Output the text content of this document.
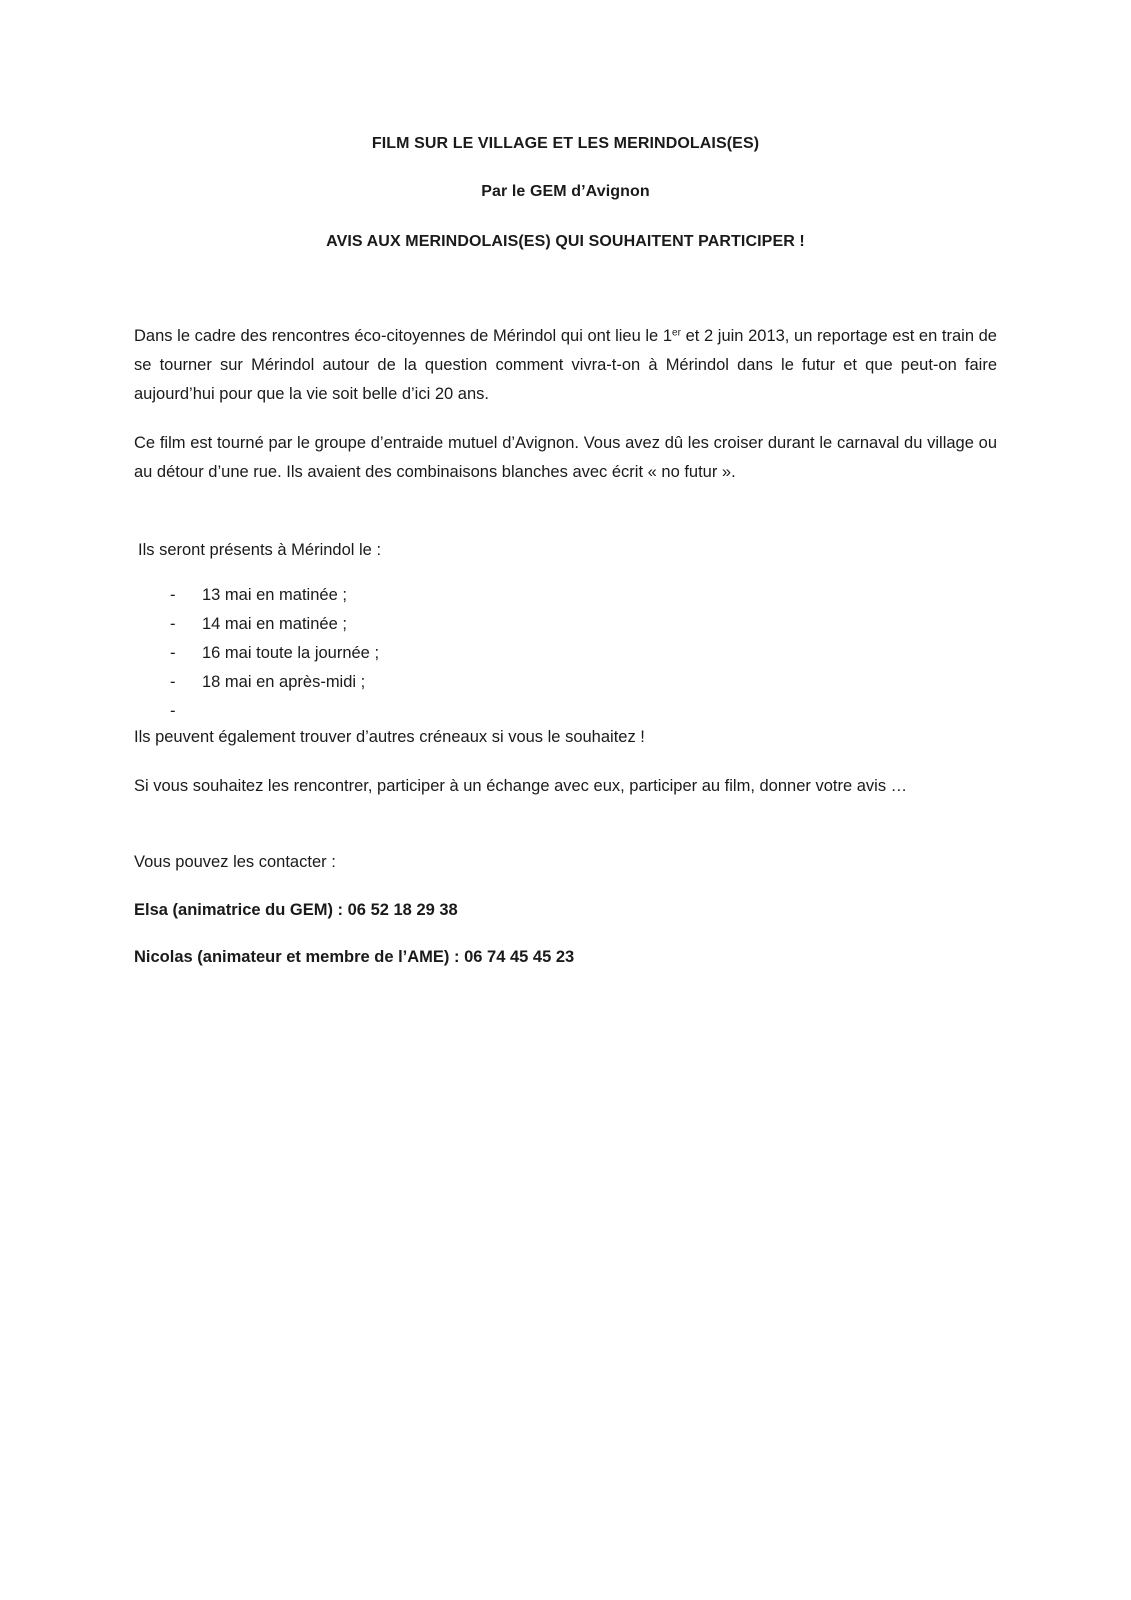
FILM SUR LE VILLAGE ET LES MERINDOLAIS(ES)
Par le GEM d’Avignon
AVIS AUX MERINDOLAIS(ES) QUI SOUHAITENT PARTICIPER !

Dans le cadre des rencontres éco-citoyennes de Mérindol qui ont lieu le 1er et 2 juin 2013, un reportage est en train de se tourner sur Mérindol autour de la question comment vivra-t-on à Mérindol dans le futur et que peut-on faire aujourd’hui pour que la vie soit belle d’ici 20 ans.

Ce film est tourné par le groupe d’entraide mutuel d’Avignon. Vous avez dû les croiser durant le carnaval du village ou au détour d’une rue. Ils avaient des combinaisons blanches avec écrit « no futur ».

Ils seront présents à Mérindol le :

- 13 mai en matinée ;
- 14 mai en matinée ;
- 16 mai toute la journée ;
- 18 mai en après-midi ;
-

Ils peuvent également trouver d’autres créneaux si vous le souhaitez !

Si vous souhaitez les rencontrer, participer à un échange avec eux, participer au film, donner votre avis …

Vous pouvez les contacter :

Elsa (animatrice du GEM) : 06 52 18 29 38

Nicolas (animateur et membre de l’AME) : 06 74 45 45 23
